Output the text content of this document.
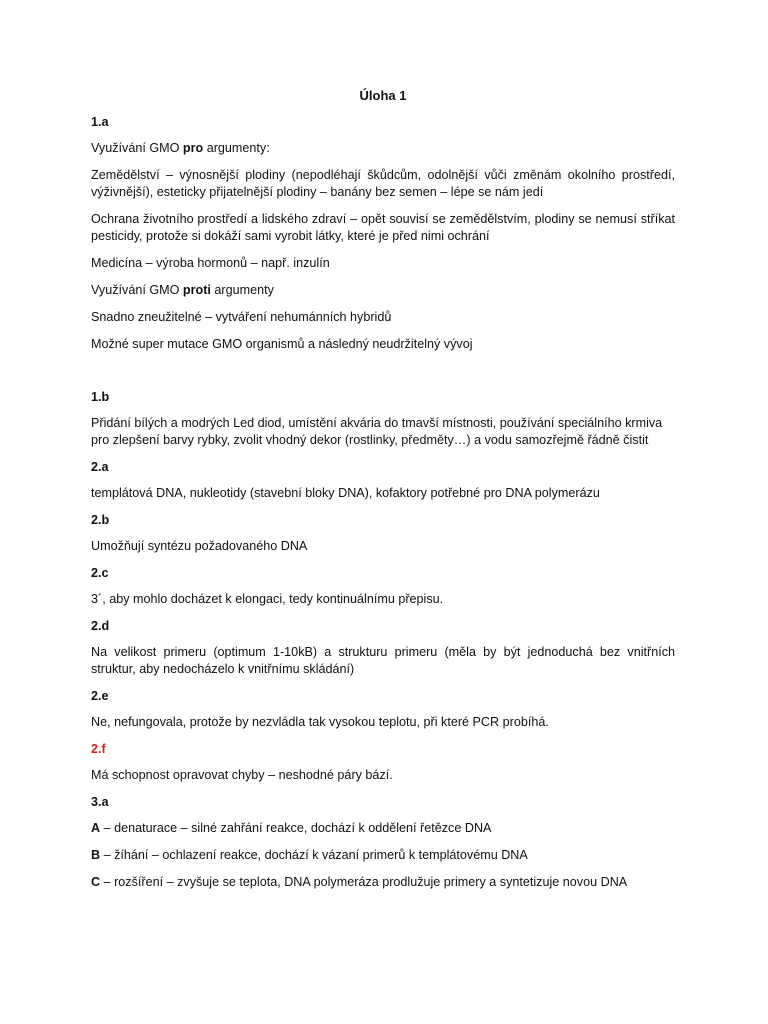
Úloha 1
1.a

Využívání GMO pro argumenty:

Zemědělství – výnosnější plodiny (nepodléhají škůdcům, odolnější vůči změnám okolního prostředí, výživnější), esteticky přijatelnější plodiny – banány bez semen – lépe se nám jedí

Ochrana životního prostředí a lidského zdraví – opět souvisí se zemědělstvím, plodiny se nemusí stříkat pesticidy, protože si dokáží sami vyrobit látky, které je před nimi ochrání

Medicína – výroba hormonů – např. inzulín

Využívání GMO proti argumenty

Snadno zneužitelné – vytváření nehumánních hybridů

Možné super mutace GMO organismů a následný neudržitelný vývoj

1.b

Přidání bílých a modrých Led diod, umístění akvária do tmavší místnosti, používání speciálního krmiva pro zlepšení barvy rybky, zvolit vhodný dekor (rostlinky, předměty…) a vodu samozřejmě řádně čistit

2.a

templátová DNA, nukleotidy (stavební bloky DNA), kofaktory potřebné pro DNA polymerázu

2.b

Umožňují syntézu požadovaného DNA

2.c

3´, aby mohlo docházet k elongaci, tedy kontinuálnímu přepisu.

2.d

Na velikost primeru (optimum 1-10kB) a strukturu primeru (měla by být jednoduchá bez vnitřních struktur, aby nedocházelo k vnitřnímu skládání)

2.e

Ne, nefungovala, protože by nezvládla tak vysokou teplotu, při které PCR probíhá.

2.f

Má schopnost opravovat chyby – neshodné páry bází.

3.a

A – denaturace – silné zahřání reakce, dochází k oddělení řetězce DNA

B – žíhání – ochlazení reakce, dochází k vázaní primerů k templátovému DNA

C – rozšíření – zvyšuje se teplota, DNA polymeráza prodlužuje primery a syntetizuje novou DNA
